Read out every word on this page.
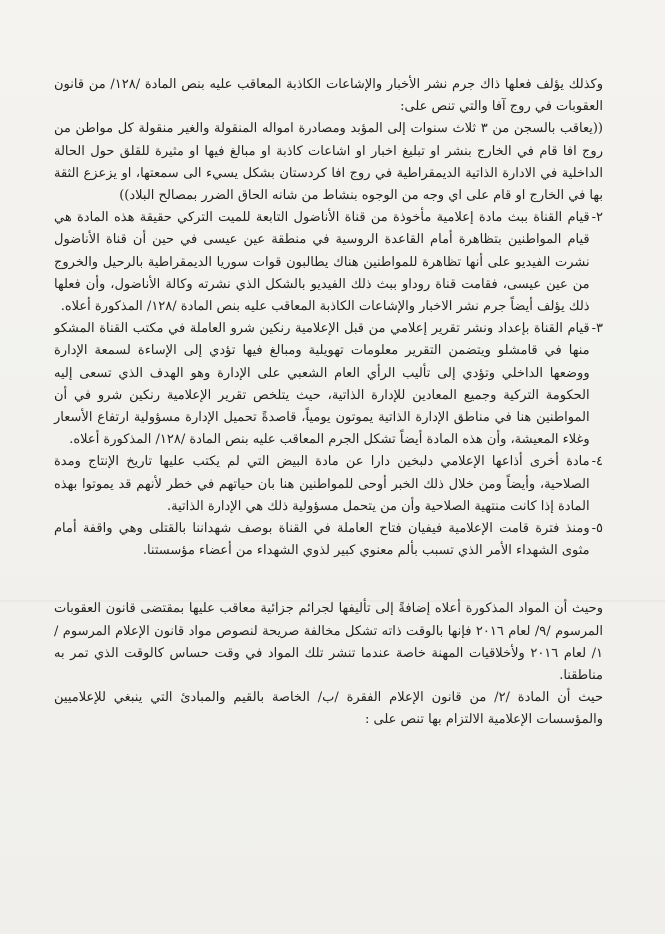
وكذلك يؤلف فعلها ذاك جرم نشر الأخبار والإشاعات الكاذبة المعاقب عليه بنص المادة /١٢٨/ من قانون العقوبات في روج آفا والتي تنص على:

((يعاقب بالسجن من ٣ ثلاث سنوات إلى المؤبد ومصادرة امواله المنقولة والغير منقولة كل مواطن من روج افا قام في الخارج بنشر او تبليغ اخبار او اشاعات كاذبة او مبالغ فيها او مثيرة للقلق حول الحالة الداخلية في الادارة الذاتية الديمقراطية في روج افا كردستان بشكل يسيء الى سمعتها، او يزعزع الثقة بها في الخارج او قام على اي وجه من الوجوه بنشاط من شانه الحاق الضرر بمصالح البلاد))

٢-

قيام القناة ببث مادة إعلامية مأخوذة من قناة الأناضول التابعة للميت التركي حقيقة هذه المادة هي قيام المواطنين بتظاهرة أمام القاعدة الروسية في منطقة عين عيسى في حين أن قناة الأناضول نشرت الفيديو على أنها تظاهرة للمواطنين هناك يطالبون قوات سوريا الديمقراطية بالرحيل والخروج من عين عيسى، فقامت قناة روداو ببث ذلك الفيديو بالشكل الذي نشرته وكالة الأناضول، وأن فعلها ذلك يؤلف أيضاً جرم نشر الاخبار والإشاعات الكاذبة المعاقب عليه بنص المادة /١٢٨/ المذكورة أعلاه.

٣-

قيام القناة بإعداد ونشر تقرير إعلامي من قبل الإعلامية رنكين شرو العاملة في مكتب القناة المشكو منها في قامشلو ويتضمن التقرير معلومات تهويلية ومبالغ فيها تؤدي إلى الإساءة لسمعة الإدارة ووضعها الداخلي وتؤدي إلى تأليب الرأي العام الشعبي على الإدارة وهو الهدف الذي تسعى إليه الحكومة التركية وجميع المعادين للإدارة الذاتية، حيث يتلخص تقرير الإعلامية رنكين شرو في أن المواطنين هنا في مناطق الإدارة الذاتية يموتون يومياً، قاصدةً تحميل الإدارة مسؤولية ارتفاع الأسعار وغلاء المعيشة، وأن هذه المادة أيضاً تشكل الجرم المعاقب عليه بنص المادة /١٢٨/ المذكورة أعلاه.

٤-

مادة أخرى أذاعها الإعلامي دلبخين دارا عن مادة البيض التي لم يكتب عليها تاريخ الإنتاج ومدة الصلاحية، وأيضاً ومن خلال ذلك الخبر أوحى للمواطنين هنا بان حياتهم في خطر لأنهم قد يموتوا بهذه المادة إذا كانت منتهية الصلاحية وأن من يتحمل مسؤولية ذلك هي الإدارة الذاتية.

٥-

ومنذ فترة قامت الإعلامية فيفيان فتاح العاملة في القناة بوصف شهداننا بالقتلى وهي واقفة أمام مثوى الشهداء الأمر الذي تسبب بألم معنوي كبير لذوي الشهداء من أعضاء مؤسستنا.

وحيث أن المواد المذكورة أعلاه إضافةً إلى تأليفها لجرائم جزائية معاقب عليها بمقتضى قانون العقوبات المرسوم /٩/ لعام ٢٠١٦ فإنها بالوقت ذاته تشكل مخالفة صريحة لنصوص مواد قانون الإعلام المرسوم /١/ لعام ٢٠١٦ ولأخلاقيات المهنة خاصة عندما تنشر تلك المواد في وقت حساس كالوقت الذي تمر به مناطقنا.

حيث أن المادة /٢/ من قانون الإعلام الفقرة /ب/ الخاصة بالقيم والمبادئ التي ينبغي للإعلاميين والمؤسسات الإعلامية الالتزام بها تنص على :
